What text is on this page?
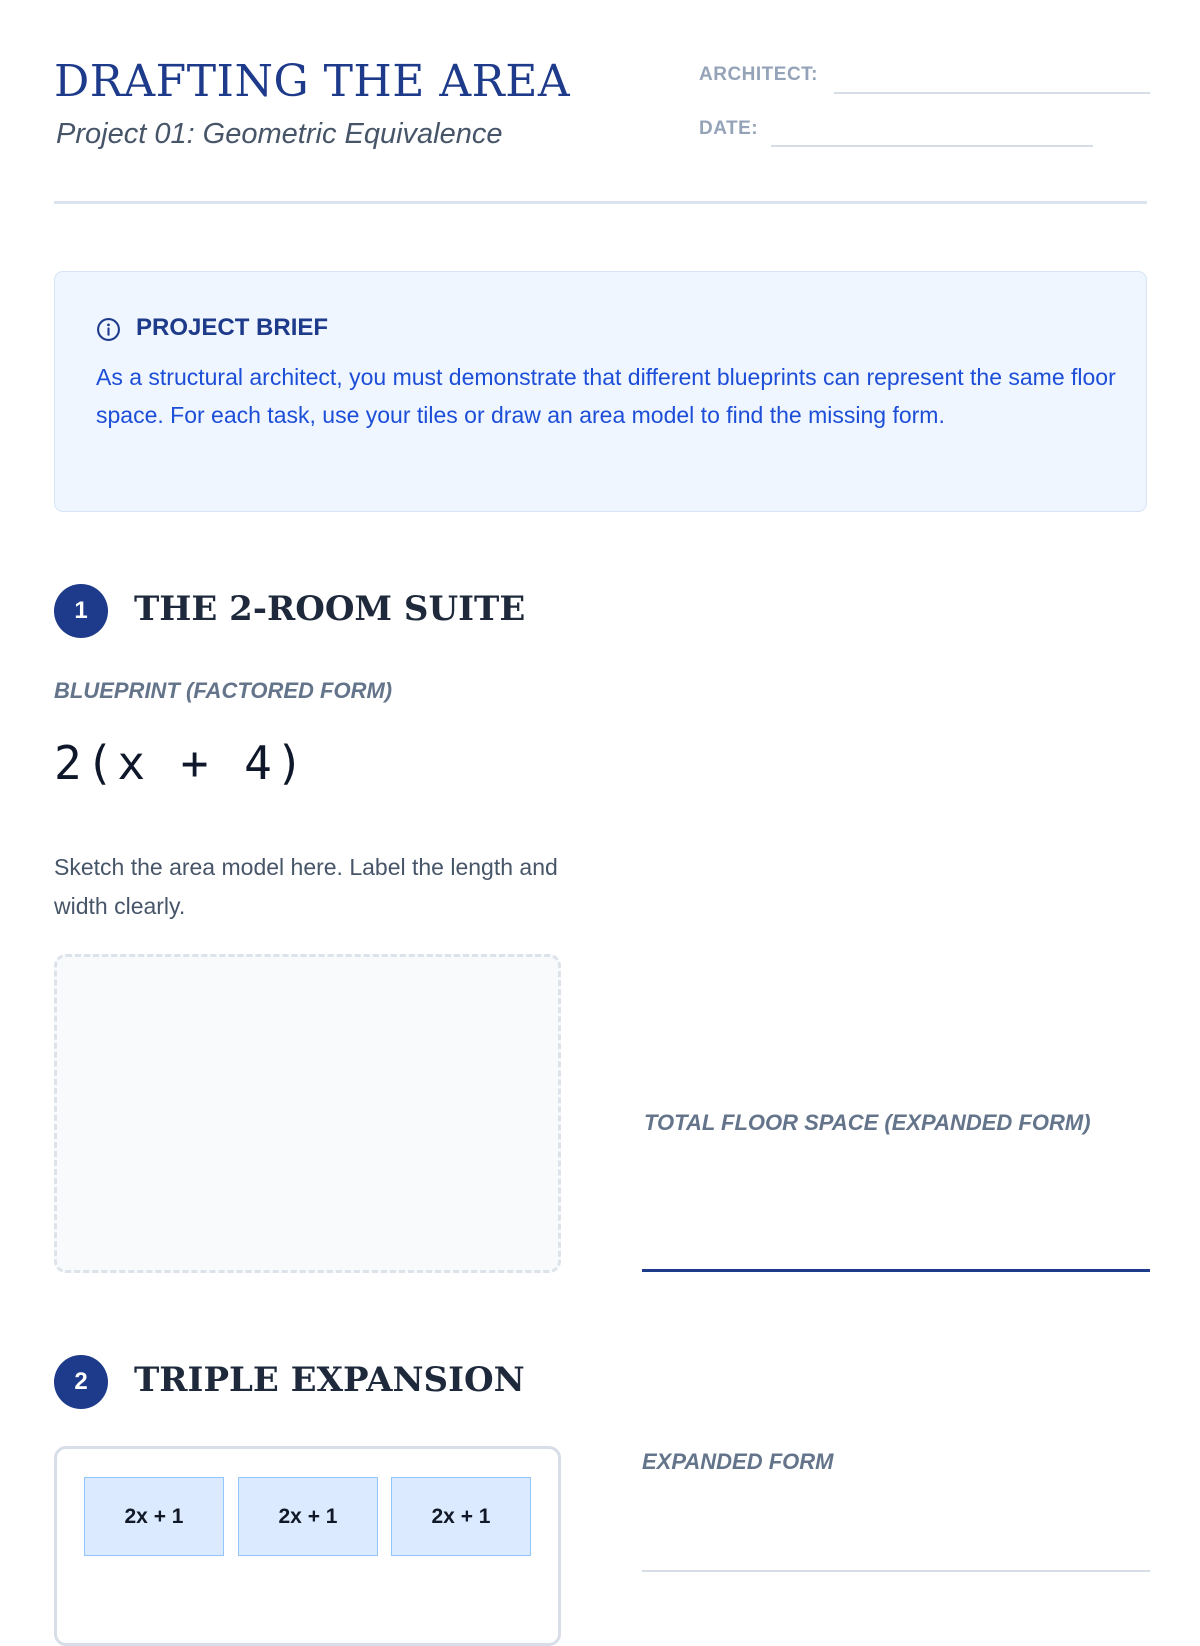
DRAFTING THE AREA
Project 01: Geometric Equivalence
ARCHITECT:
DATE:
PROJECT BRIEF

As a structural architect, you must demonstrate that different blueprints can represent the same floor space. For each task, use your tiles or draw an area model to find the missing form.

1	THE 2-ROOM SUITE
BLUEPRINT (FACTORED FORM)
2(x + 4)

Sketch the area model here. Label the length and width clearly.

TOTAL FLOOR SPACE (EXPANDED FORM)
2	TRIPLE EXPANSION
2x + 1	2x + 1	2x + 1
EXPANDED FORM
